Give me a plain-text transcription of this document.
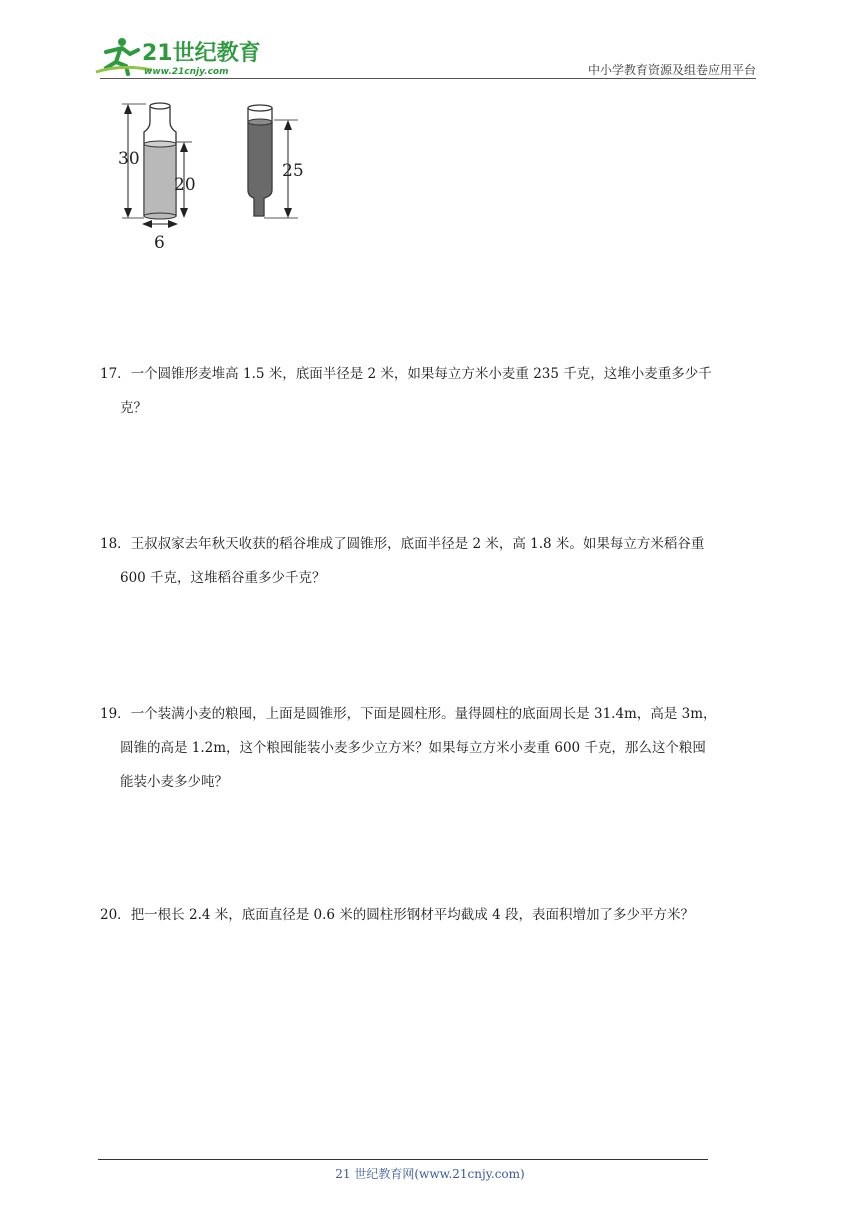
21世纪教育
www.21cnjy.com	中小学教育资源及组卷应用平台
30
20
6
25
17．一个圆锥形麦堆高 1.5 米，底面半径是 2 米，如果每立方米小麦重 235 千克，这堆小麦重多少千
克？
18．王叔叔家去年秋天收获的稻谷堆成了圆锥形，底面半径是 2 米，高 1.8 米。如果每立方米稻谷重
600 千克，这堆稻谷重多少千克？
19．一个装满小麦的粮囤，上面是圆锥形，下面是圆柱形。量得圆柱的底面周长是 31.4m，高是 3m，
圆锥的高是 1.2m，这个粮囤能装小麦多少立方米？如果每立方米小麦重 600 千克，那么这个粮囤
能装小麦多少吨？
20．把一根长 2.4 米，底面直径是 0.6 米的圆柱形钢材平均截成 4 段，表面积增加了多少平方米？
21 世纪教育网(www.21cnjy.com)
